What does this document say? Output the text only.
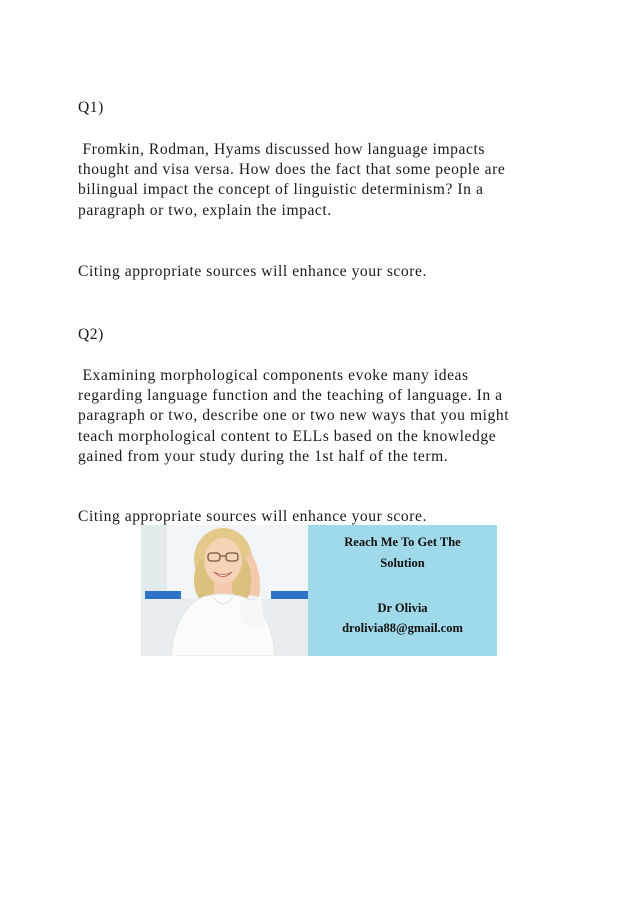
Q1)

Fromkin, Rodman, Hyams discussed how language impacts
thought and visa versa. How does the fact that some people are
bilingual impact the concept of linguistic determinism? In a
paragraph or two, explain the impact.

Citing appropriate sources will enhance your score.

Q2)

Examining morphological components evoke many ideas
regarding language function and the teaching of language. In a
paragraph or two, describe one or two new ways that you might
teach morphological content to ELLs based on the knowledge
gained from your study during the 1st half of the term.

Citing appropriate sources will enhance your score.

Reach Me To Get The
Solution
Dr Olivia
drolivia88@gmail.com
